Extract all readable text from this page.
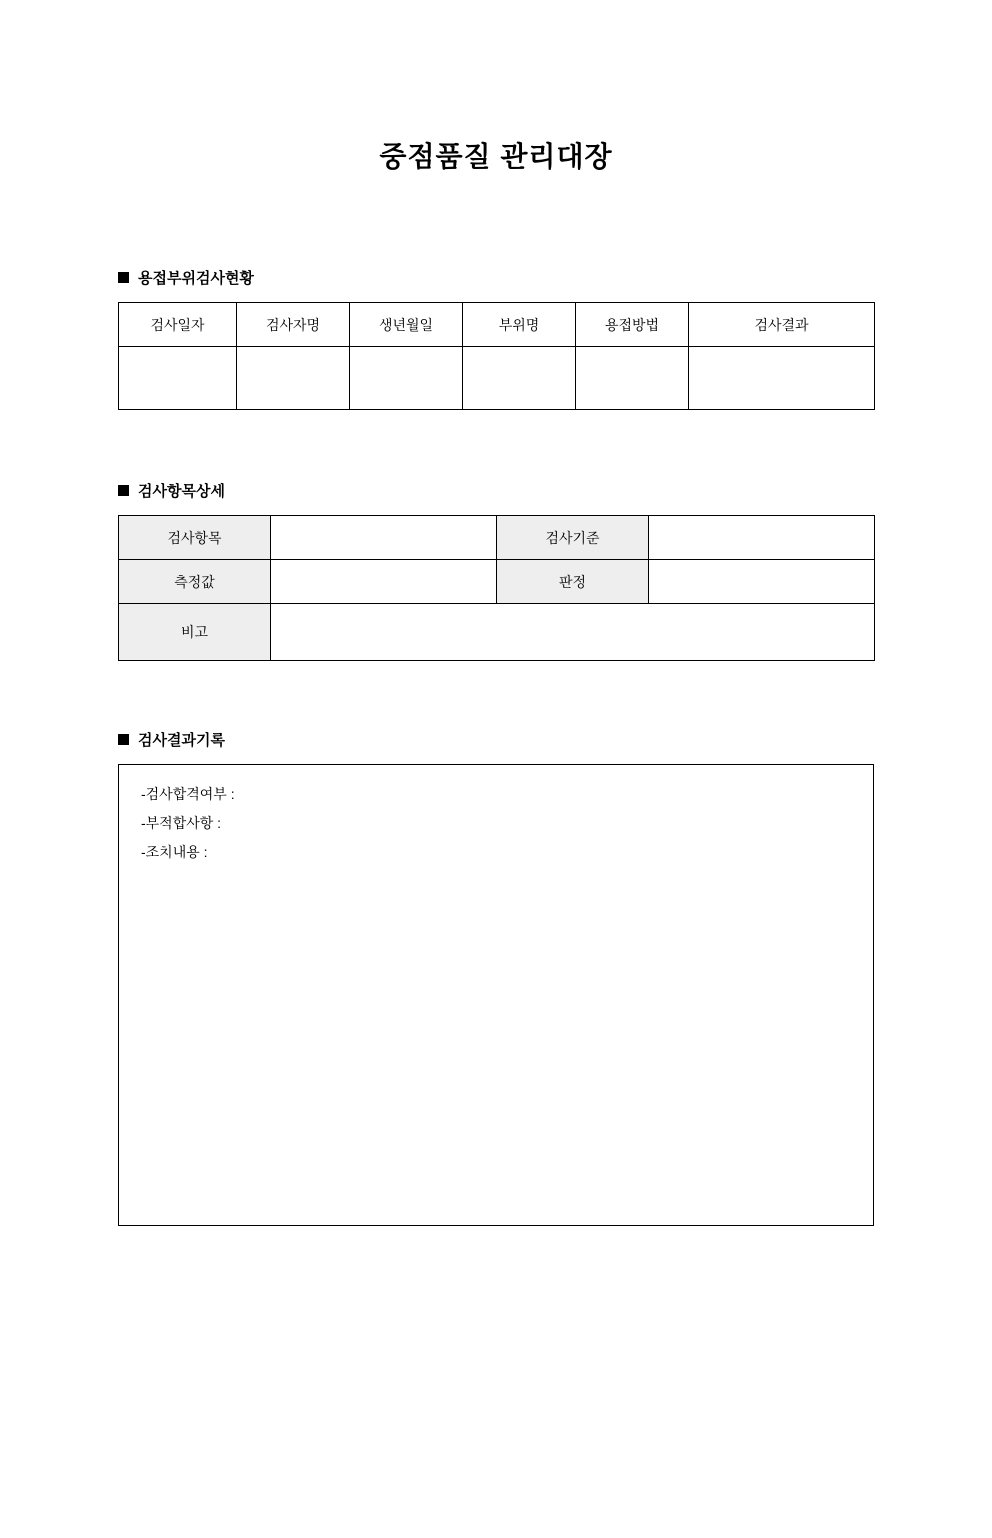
중점품질 관리대장
용접부위검사현황
검사일자	검사자명	생년월일	부위명	용접방법	검사결과

검사항목상세
검사항목		검사기준	
측정값		판정	
비고			
검사결과기록
-검사합격여부 :
-부적합사항 :
-조치내용 :
